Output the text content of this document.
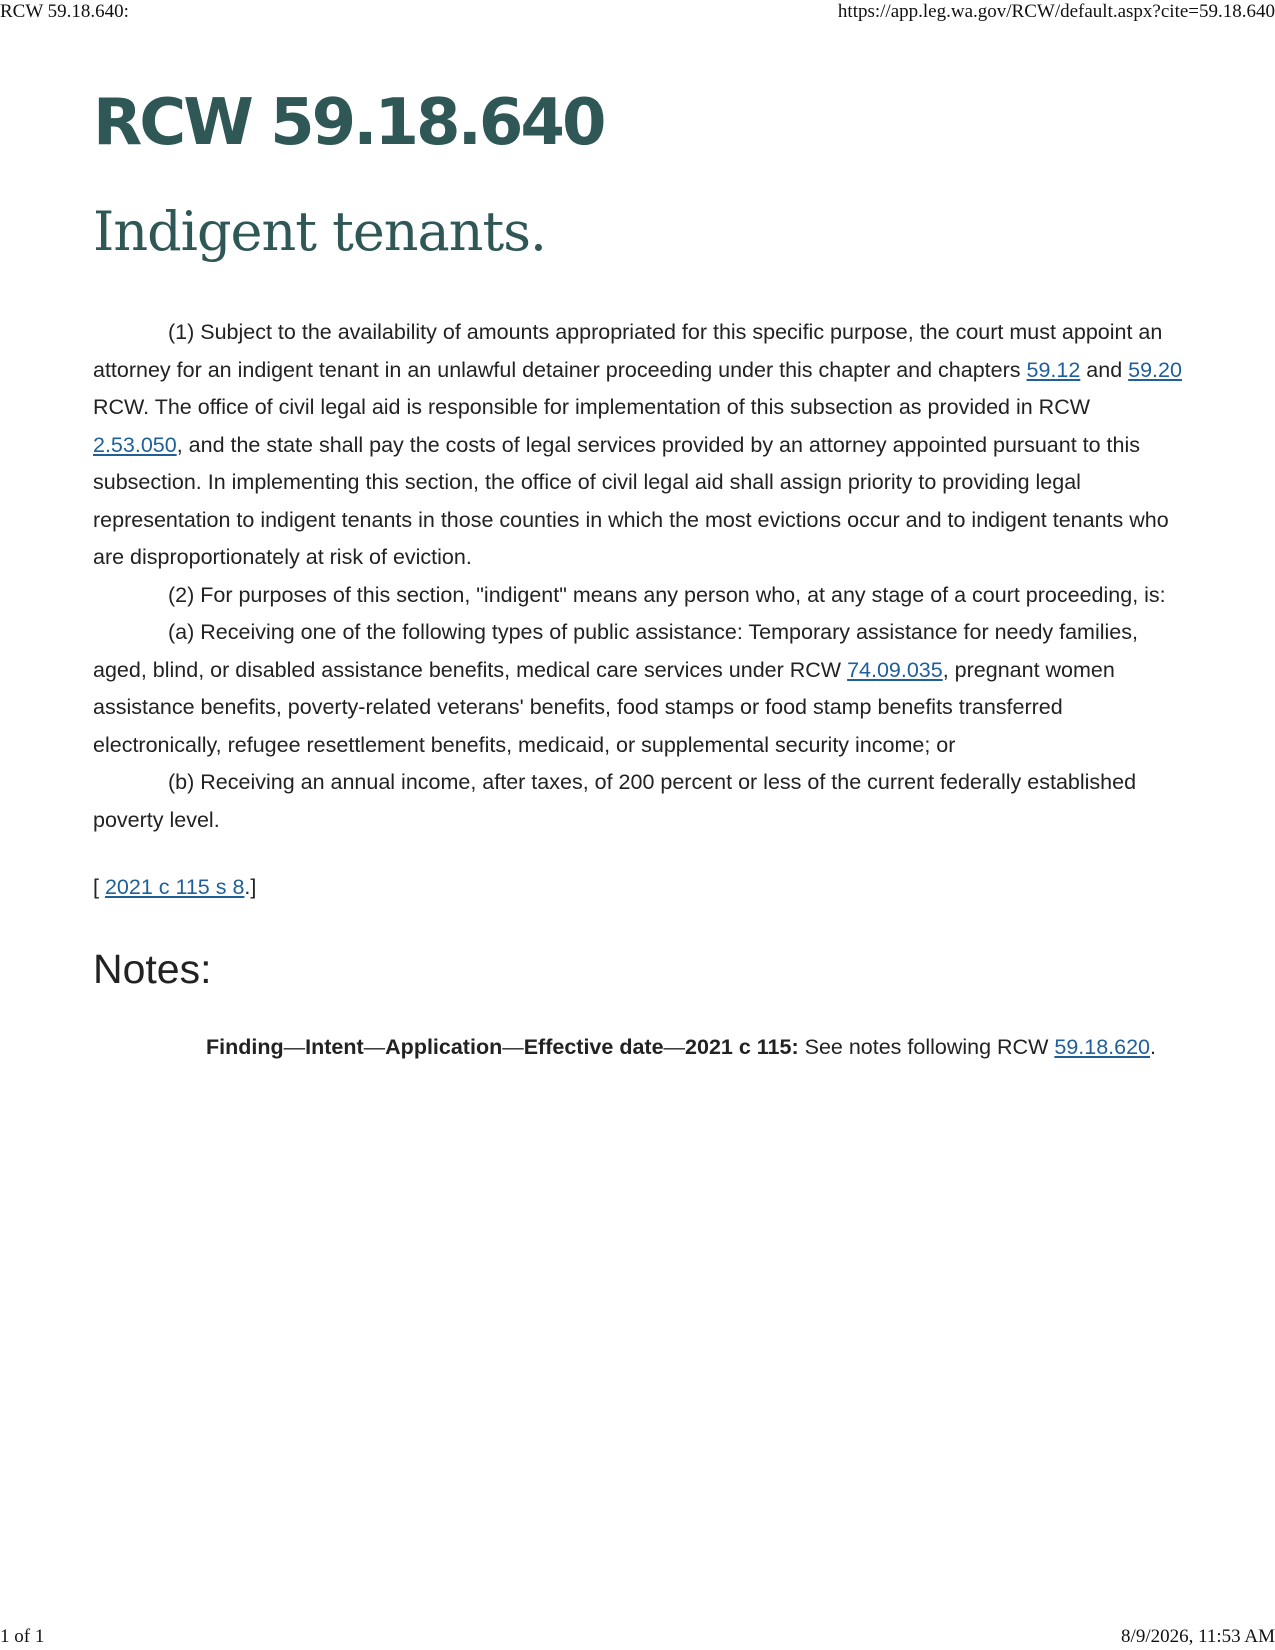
RCW 59.18.640:	https://app.leg.wa.gov/RCW/default.aspx?cite=59.18.640
RCW 59.18.640
Indigent tenants.

(1) Subject to the availability of amounts appropriated for this specific purpose, the court must appoint an attorney for an indigent tenant in an unlawful detainer proceeding under this chapter and chapters 59.12 and 59.20 RCW. The office of civil legal aid is responsible for implementation of this subsection as provided in RCW 2.53.050, and the state shall pay the costs of legal services provided by an attorney appointed pursuant to this subsection. In implementing this section, the office of civil legal aid shall assign priority to providing legal representation to indigent tenants in those counties in which the most evictions occur and to indigent tenants who are disproportionately at risk of eviction.

(2) For purposes of this section, "indigent" means any person who, at any stage of a court proceeding, is:

(a) Receiving one of the following types of public assistance: Temporary assistance for needy families, aged, blind, or disabled assistance benefits, medical care services under RCW 74.09.035, pregnant women assistance benefits, poverty-related veterans' benefits, food stamps or food stamp benefits transferred electronically, refugee resettlement benefits, medicaid, or supplemental security income; or

(b) Receiving an annual income, after taxes, of 200 percent or less of the current federally established poverty level.

[ 2021 c 115 s 8.]

Notes:

Finding—Intent—Application—Effective date—2021 c 115: See notes following RCW 59.18.620.

1 of 1	8/9/2026, 11:53 AM
